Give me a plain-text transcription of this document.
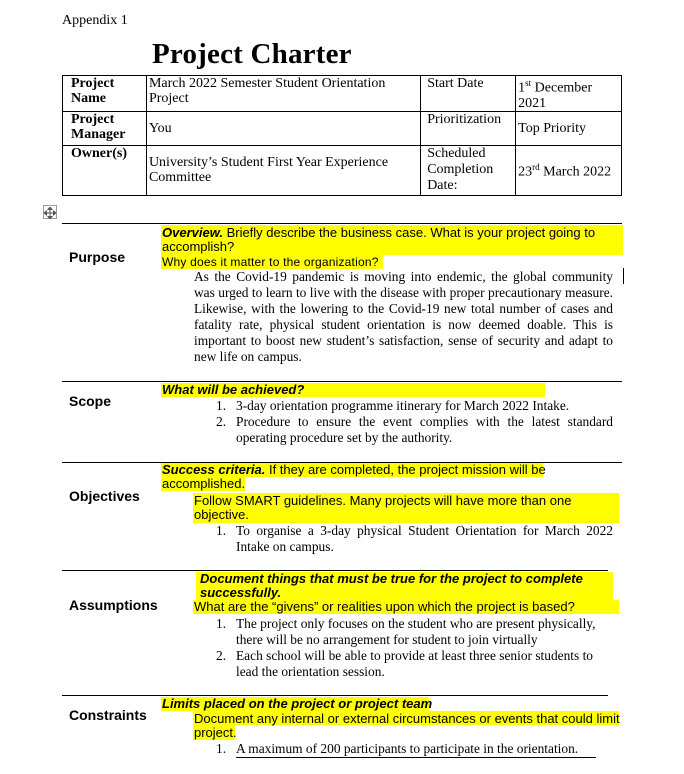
Appendix 1
Project Charter
Project Name	March 2022 Semester Student Orientation Project	Start Date	1st December 2021
Project Manager	You	Prioritization	Top Priority
Owner(s)	University’s Student First Year Experience Committee	Scheduled Completion Date:	23rd March 2022
Purpose
Overview. Briefly describe the business case. What is your project going to
accomplish?
Why does it matter to the organization?
As the Covid-19 pandemic is moving into endemic, the global community was urged to learn to live with the disease with proper precautionary measure. Likewise, with the lowering to the Covid-19 new total number of cases and fatality rate, physical student orientation is now deemed doable. This is important to boost new student’s satisfaction, sense of security and adapt to new life on campus.
Scope
What will be achieved?
1. 3-day orientation programme itinerary for March 2022 Intake.
2. Procedure to ensure the event complies with the latest standard operating procedure set by the authority.
Objectives
Success criteria. If they are completed, the project mission will be
accomplished.
Follow SMART guidelines. Many projects will have more than one
objective.
1. To organise a 3-day physical Student Orientation for March 2022 Intake on campus.
Assumptions
Document things that must be true for the project to complete
successfully.
What are the “givens” or realities upon which the project is based?
1. The project only focuses on the student who are present physically, there will be no arrangement for student to join virtually
2. Each school will be able to provide at least three senior students to lead the orientation session.
Constraints
Limits placed on the project or project team
Document any internal or external circumstances or events that could limit
project.
1. A maximum of 200 participants to participate in the orientation.
